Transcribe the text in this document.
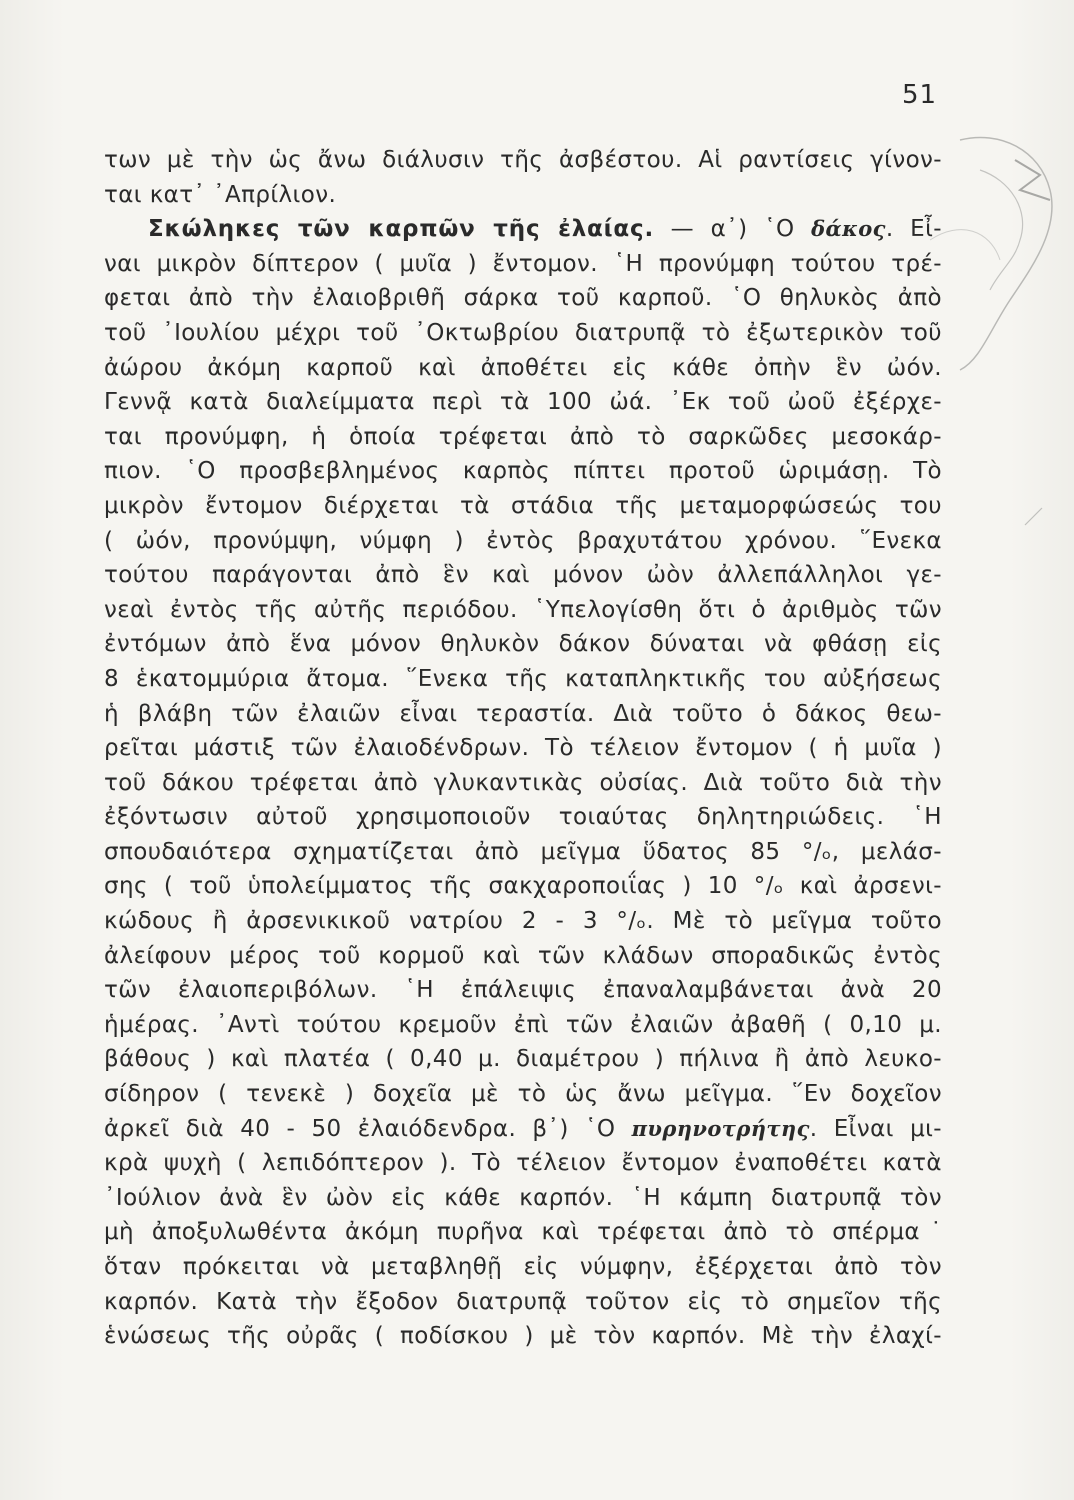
51
των μὲ τὴν ὡς ἄνω διάλυσιν τῆς ἀσβέστου. Αἱ ραντίσεις γίνον-
ται κατ᾽ ᾽Απρίλιον.
Σκώληκες τῶν καρπῶν τῆς ἐλαίας. — α᾽) ῾Ο δάκος. Εἶ-
ναι μικρὸν δίπτερον ( μυῖα ) ἔντομον. ῾Η προνύμφη τούτου τρέ-
φεται ἀπὸ τὴν ἐλαιοβριθῆ σάρκα τοῦ καρποῦ. ῾Ο θηλυκὸς ἀπὸ
τοῦ ᾽Ιουλίου μέχρι τοῦ ᾽Οκτωβρίου διατρυπᾷ τὸ ἐξωτερικὸν τοῦ
ἀώρου ἀκόμη καρποῦ καὶ ἀποθέτει εἰς κάθε ὀπὴν ἓν ὠόν.
Γεννᾷ κατὰ διαλείμματα περὶ τὰ 100 ὠά. ᾽Εκ τοῦ ὠοῦ ἐξέρχε-
ται προνύμφη, ἡ ὁποία τρέφεται ἀπὸ τὸ σαρκῶδες μεσοκάρ-
πιον. ῾Ο προσβεβλημένος καρπὸς πίπτει προτοῦ ὡριμάσῃ. Τὸ
μικρὸν ἔντομον διέρχεται τὰ στάδια τῆς μεταμορφώσεώς του
( ὠόν, προνύμψη, νύμφη ) ἐντὸς βραχυτάτου χρόνου. ῞Ενεκα
τούτου παράγονται ἀπὸ ἓν καὶ μόνον ὠὸν ἀλλεπάλληλοι γε-
νεαὶ ἐντὸς τῆς αὐτῆς περιόδου. ῾Υπελογίσθη ὅτι ὁ ἀριθμὸς τῶν
ἐντόμων ἀπὸ ἕνα μόνον θηλυκὸν δάκον δύναται νὰ φθάσῃ εἰς
8 ἑκατομμύρια ἄτομα. ῞Ενεκα τῆς καταπληκτικῆς του αὐξήσεως
ἡ βλάβη τῶν ἐλαιῶν εἶναι τεραστία. Διὰ τοῦτο ὁ δάκος θεω-
ρεῖται μάστιξ τῶν ἐλαιοδένδρων. Τὸ τέλειον ἔντομον ( ἡ μυῖα )
τοῦ δάκου τρέφεται ἀπὸ γλυκαντικὰς οὐσίας. Διὰ τοῦτο διὰ τὴν
ἐξόντωσιν αὐτοῦ χρησιμοποιοῦν τοιαύτας δηλητηριώδεις. ῾Η
σπουδαιότερα σχηματίζεται ἀπὸ μεῖγμα ὕδατος 85 °/ₒ, μελάσ-
σης ( τοῦ ὑπολείμματος τῆς σακχαροποιΐας ) 10 °/ₒ καὶ ἀρσενι-
κώδους ἢ ἀρσενικικοῦ νατρίου 2 - 3 °/ₒ. Μὲ τὸ μεῖγμα τοῦτο
ἀλείφουν μέρος τοῦ κορμοῦ καὶ τῶν κλάδων σποραδικῶς ἐντὸς
τῶν ἐλαιοπεριβόλων. ῾Η ἐπάλειψις ἐπαναλαμβάνεται ἀνὰ 20
ἡμέρας. ᾽Αντὶ τούτου κρεμοῦν ἐπὶ τῶν ἐλαιῶν ἀβαθῆ ( 0,10 μ.
βάθους ) καὶ πλατέα ( 0,40 μ. διαμέτρου ) πήλινα ἢ ἀπὸ λευκο-
σίδηρον ( τενεκὲ ) δοχεῖα μὲ τὸ ὡς ἄνω μεῖγμα. ῞Εν δοχεῖον
ἀρκεῖ διὰ 40 - 50 ἐλαιόδενδρα. β᾽) ῾Ο πυρηνοτρήτης. Εἶναι μι-
κρὰ ψυχὴ ( λεπιδόπτερον ). Τὸ τέλειον ἔντομον ἐναποθέτει κατὰ
᾽Ιούλιον ἀνὰ ἓν ὠὸν εἰς κάθε καρπόν. ῾Η κάμπη διατρυπᾷ τὸν
μὴ ἀποξυλωθέντα ἀκόμη πυρῆνα καὶ τρέφεται ἀπὸ τὸ σπέρμα˙
ὅταν πρόκειται νὰ μεταβληθῇ εἰς νύμφην, ἐξέρχεται ἀπὸ τὸν
καρπόν. Κατὰ τὴν ἔξοδον διατρυπᾷ τοῦτον εἰς τὸ σημεῖον τῆς
ἑνώσεως τῆς οὐρᾶς ( ποδίσκου ) μὲ τὸν καρπόν. Μὲ τὴν ἐλαχί-
